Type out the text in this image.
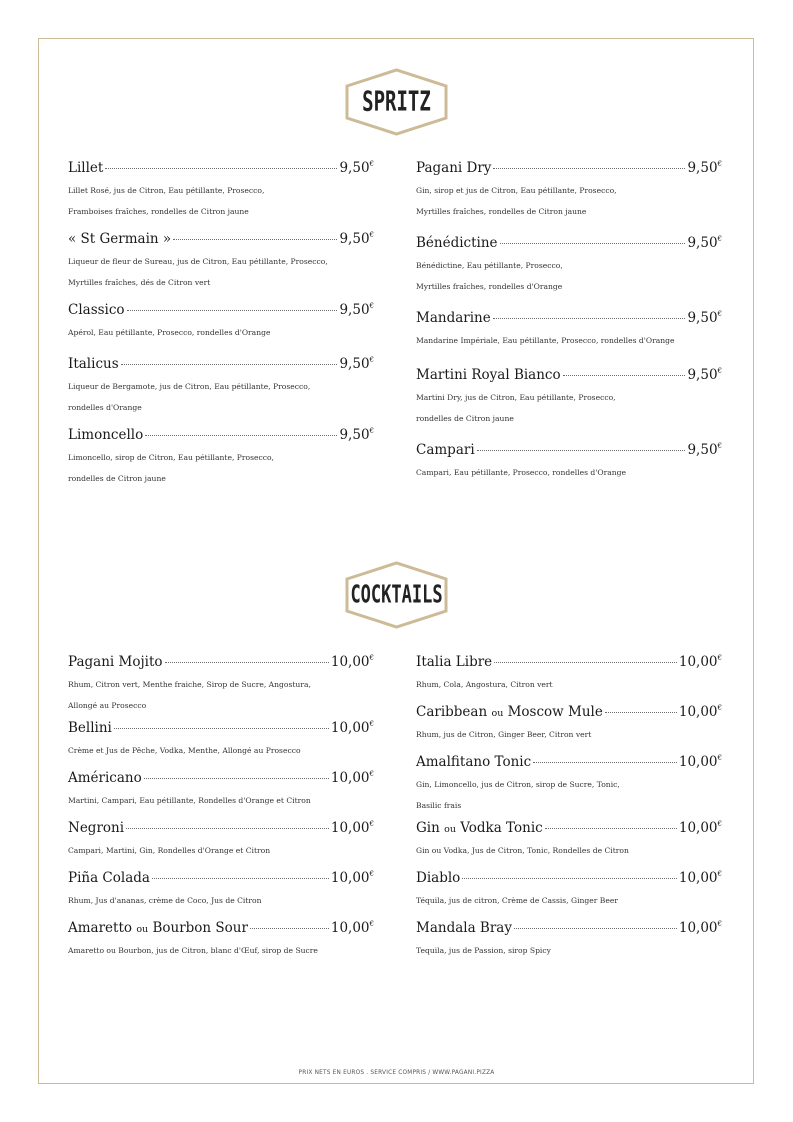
SPRITZ
COCKTAILS
Lillet	9,50€
Lillet Rosé, jus de Citron, Eau pétillante, Prosecco,
Framboises fraîches, rondelles de Citron jaune
« St Germain »	9,50€
Liqueur de fleur de Sureau, jus de Citron, Eau pétillante, Prosecco,
Myrtilles fraîches, dés de Citron vert
Classico	9,50€
Apérol, Eau pétillante, Prosecco, rondelles d'Orange
Italicus	9,50€
Liqueur de Bergamote, jus de Citron, Eau pétillante, Prosecco,
rondelles d'Orange
Limoncello	9,50€
Limoncello, sirop de Citron, Eau pétillante, Prosecco,
rondelles de Citron jaune
Pagani Dry	9,50€
Gin, sirop et jus de Citron, Eau pétillante, Prosecco,
Myrtilles fraîches, rondelles de Citron jaune
Bénédictine	9,50€
Bénédictine, Eau pétillante, Prosecco,
Myrtilles fraîches, rondelles d'Orange
Mandarine	9,50€
Mandarine Impériale, Eau pétillante, Prosecco, rondelles d'Orange
Martini Royal Bianco	9,50€
Martini Dry, jus de Citron, Eau pétillante, Prosecco,
rondelles de Citron jaune
Campari	9,50€
Campari, Eau pétillante, Prosecco, rondelles d'Orange
Pagani Mojito	10,00€
Rhum, Citron vert, Menthe fraiche, Sirop de Sucre, Angostura,
Allongé au Prosecco
Bellini	10,00€
Crème et Jus de Pêche, Vodka, Menthe, Allongé au Prosecco
Américano	10,00€
Martini, Campari, Eau pétillante, Rondelles d'Orange et Citron
Negroni	10,00€
Campari, Martini, Gin, Rondelles d'Orange et Citron
Piña Colada	10,00€
Rhum, Jus d'ananas, crème de Coco, Jus de Citron
Amaretto ou Bourbon Sour	10,00€
Amaretto ou Bourbon, jus de Citron, blanc d'Œuf, sirop de Sucre
Italia Libre	10,00€
Rhum, Cola, Angostura, Citron vert
Caribbean ou Moscow Mule	10,00€
Rhum, jus de Citron, Ginger Beer, Citron vert
Amalfitano Tonic	10,00€
Gin, Limoncello, jus de Citron, sirop de Sucre, Tonic,
Basilic frais
Gin ou Vodka Tonic	10,00€
Gin ou Vodka, Jus de Citron, Tonic, Rondelles de Citron
Diablo	10,00€
Téquila, jus de citron, Crème de Cassis, Ginger Beer
Mandala Bray	10,00€
Tequila, jus de Passion, sirop Spicy
PRIX NETS EN EUROS . SERVICE COMPRIS / WWW.PAGANI.PIZZA
